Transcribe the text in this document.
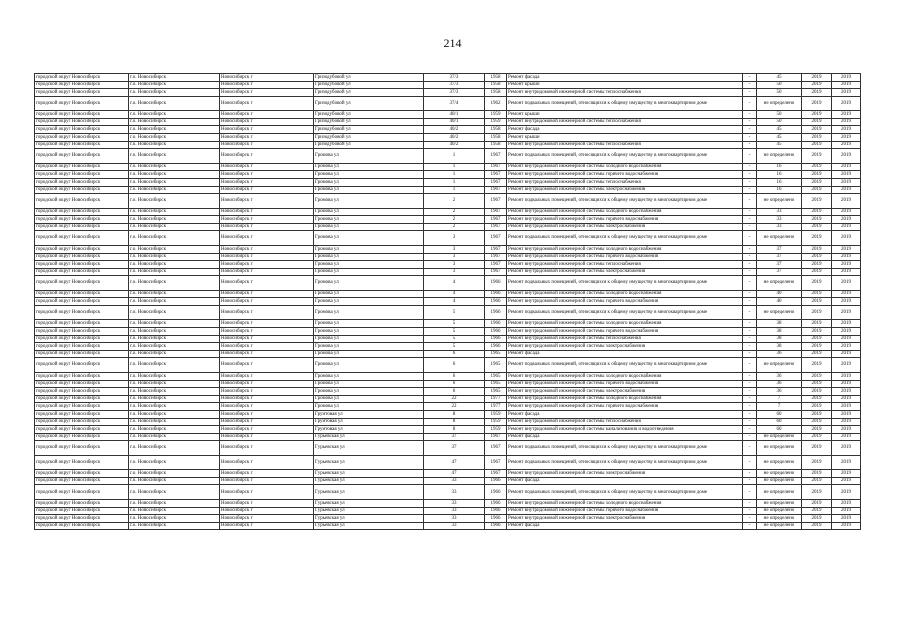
214
городской округ Новосибирск	г.о. Новосибирск	Новосибирск г	Гризодубовой ул	37/3	1958	Ремонт фасада	-	45	2019	2019
городской округ Новосибирск	г.о. Новосибирск	Новосибирск г	Гризодубовой ул	37/3	1958	Ремонт крыши	-	50	2019	2019
городской округ Новосибирск	г.о. Новосибирск	Новосибирск г	Гризодубовой ул	37/3	1958	Ремонт внутридомовой инженерной системы теплоснабжения	-	50	2019	2019
городской округ Новосибирск	г.о. Новосибирск	Новосибирск г	Гризодубовой ул	37/4	1962	Ремонт подвальных помещений, относящихся к общему имуществу в многоквартирном доме	-	не определено	2019	2019
городской округ Новосибирск	г.о. Новосибирск	Новосибирск г	Гризодубовой ул	40/1	1959	Ремонт крыши	-	50	2019	2019
городской округ Новосибирск	г.о. Новосибирск	Новосибирск г	Гризодубовой ул	40/1	1959	Ремонт внутридомовой инженерной системы теплоснабжения	-	50	2019	2019
городской округ Новосибирск	г.о. Новосибирск	Новосибирск г	Гризодубовой ул	40/2	1958	Ремонт фасада	-	45	2019	2019
городской округ Новосибирск	г.о. Новосибирск	Новосибирск г	Гризодубовой ул	40/2	1958	Ремонт крыши	-	45	2019	2019
городской округ Новосибирск	г.о. Новосибирск	Новосибирск г	Гризодубовой ул	40/2	1958	Ремонт внутридомовой инженерной системы теплоснабжения	-	45	2019	2019
городской округ Новосибирск	г.о. Новосибирск	Новосибирск г	Громова ул	1	1967	Ремонт подвальных помещений, относящихся к общему имуществу в многоквартирном доме	-	не определено	2019	2019
городской округ Новосибирск	г.о. Новосибирск	Новосибирск г	Громова ул	1	1967	Ремонт внутридомовой инженерной системы холодного водоснабжения	-	16	2019	2019
городской округ Новосибирск	г.о. Новосибирск	Новосибирск г	Громова ул	1	1967	Ремонт внутридомовой инженерной системы горячего водоснабжения	-	16	2019	2019
городской округ Новосибирск	г.о. Новосибирск	Новосибирск г	Громова ул	1	1967	Ремонт внутридомовой инженерной системы теплоснабжения	-	16	2019	2019
городской округ Новосибирск	г.о. Новосибирск	Новосибирск г	Громова ул	1	1967	Ремонт внутридомовой инженерной системы электроснабжения	-	16	2019	2019
городской округ Новосибирск	г.о. Новосибирск	Новосибирск г	Громова ул	2	1967	Ремонт подвальных помещений, относящихся к общему имуществу в многоквартирном доме	-	не определено	2019	2019
городской округ Новосибирск	г.о. Новосибирск	Новосибирск г	Громова ул	2	1967	Ремонт внутридомовой инженерной системы холодного водоснабжения	-	33	2019	2019
городской округ Новосибирск	г.о. Новосибирск	Новосибирск г	Громова ул	2	1967	Ремонт внутридомовой инженерной системы горячего водоснабжения	-	33	2019	2019
городской округ Новосибирск	г.о. Новосибирск	Новосибирск г	Громова ул	2	1967	Ремонт внутридомовой инженерной системы электроснабжения	-	33	2019	2019
городской округ Новосибирск	г.о. Новосибирск	Новосибирск г	Громова ул	3	1967	Ремонт подвальных помещений, относящихся к общему имуществу в многоквартирном доме	-	не определено	2019	2019
городской округ Новосибирск	г.о. Новосибирск	Новосибирск г	Громова ул	3	1967	Ремонт внутридомовой инженерной системы холодного водоснабжения	-	37	2019	2019
городской округ Новосибирск	г.о. Новосибирск	Новосибирск г	Громова ул	3	1967	Ремонт внутридомовой инженерной системы горячего водоснабжения	-	37	2019	2019
городской округ Новосибирск	г.о. Новосибирск	Новосибирск г	Громова ул	3	1967	Ремонт внутридомовой инженерной системы теплоснабжения	-	37	2019	2019
городской округ Новосибирск	г.о. Новосибирск	Новосибирск г	Громова ул	3	1967	Ремонт внутридомовой инженерной системы электроснабжения	-	37	2019	2019
городской округ Новосибирск	г.о. Новосибирск	Новосибирск г	Громова ул	4	1966	Ремонт подвальных помещений, относящихся к общему имуществу в многоквартирном доме	-	не определено	2019	2019
городской округ Новосибирск	г.о. Новосибирск	Новосибирск г	Громова ул	4	1966	Ремонт внутридомовой инженерной системы холодного водоснабжения	-	40	2019	2019
городской округ Новосибирск	г.о. Новосибирск	Новосибирск г	Громова ул	4	1966	Ремонт внутридомовой инженерной системы горячего водоснабжения	-	40	2019	2019
городской округ Новосибирск	г.о. Новосибирск	Новосибирск г	Громова ул	5	1966	Ремонт подвальных помещений, относящихся к общему имуществу в многоквартирном доме	-	не определено	2019	2019
городской округ Новосибирск	г.о. Новосибирск	Новосибирск г	Громова ул	5	1966	Ремонт внутридомовой инженерной системы холодного водоснабжения	-	38	2019	2019
городской округ Новосибирск	г.о. Новосибирск	Новосибирск г	Громова ул	5	1966	Ремонт внутридомовой инженерной системы горячего водоснабжения	-	38	2019	2019
городской округ Новосибирск	г.о. Новосибирск	Новосибирск г	Громова ул	5	1966	Ремонт внутридомовой инженерной системы теплоснабжения	-	38	2019	2019
городской округ Новосибирск	г.о. Новосибирск	Новосибирск г	Громова ул	5	1966	Ремонт внутридомовой инженерной системы электроснабжения	-	38	2019	2019
городской округ Новосибирск	г.о. Новосибирск	Новосибирск г	Громова ул	6	1965	Ремонт фасада	-	36	2019	2019
городской округ Новосибирск	г.о. Новосибирск	Новосибирск г	Громова ул	6	1965	Ремонт подвальных помещений, относящихся к общему имуществу в многоквартирном доме	-	не определено	2019	2019
городской округ Новосибирск	г.о. Новосибирск	Новосибирск г	Громова ул	6	1965	Ремонт внутридомовой инженерной системы холодного водоснабжения	-	36	2019	2019
городской округ Новосибирск	г.о. Новосибирск	Новосибирск г	Громова ул	6	1965	Ремонт внутридомовой инженерной системы горячего водоснабжения	-	36	2019	2019
городской округ Новосибирск	г.о. Новосибирск	Новосибирск г	Громова ул	6	1965	Ремонт внутридомовой инженерной системы электроснабжения	-	36	2019	2019
городской округ Новосибирск	г.о. Новосибирск	Новосибирск г	Громова ул	22	1977	Ремонт внутридомовой инженерной системы холодного водоснабжения	-	7	2019	2019
городской округ Новосибирск	г.о. Новосибирск	Новосибирск г	Громова ул	22	1977	Ремонт внутридомовой инженерной системы горячего водоснабжения	-	7	2019	2019
городской округ Новосибирск	г.о. Новосибирск	Новосибирск г	Грунтовая ул	8	1959	Ремонт фасада	-	60	2019	2019
городской округ Новосибирск	г.о. Новосибирск	Новосибирск г	Грунтовая ул	8	1959	Ремонт внутридомовой инженерной системы теплоснабжения	-	60	2019	2019
городской округ Новосибирск	г.о. Новосибирск	Новосибирск г	Грунтовая ул	8	1959	Ремонт внутридомовой инженерной системы канализования и водоотведения	-	60	2019	2019
городской округ Новосибирск	г.о. Новосибирск	Новосибирск г	Гурьевская ул	37	1967	Ремонт фасада	-	не определено	2019	2019
городской округ Новосибирск	г.о. Новосибирск	Новосибирск г	Гурьевская ул	37	1967	Ремонт подвальных помещений, относящихся к общему имуществу в многоквартирном доме	-	не определено	2019	2019
городской округ Новосибирск	г.о. Новосибирск	Новосибирск г	Гурьевская ул	47	1967	Ремонт подвальных помещений, относящихся к общему имуществу в многоквартирном доме	-	не определено	2019	2019
городской округ Новосибирск	г.о. Новосибирск	Новосибирск г	Гурьевская ул	47	1967	Ремонт внутридомовой инженерной системы электроснабжения	-	не определено	2019	2019
городской округ Новосибирск	г.о. Новосибирск	Новосибирск г	Гурьевская ул	33	1966	Ремонт фасада	-	не определено	2019	2019
городской округ Новосибирск	г.о. Новосибирск	Новосибирск г	Гурьевская ул	33	1966	Ремонт подвальных помещений, относящихся к общему имуществу в многоквартирном доме	-	не определено	2019	2019
городской округ Новосибирск	г.о. Новосибирск	Новосибирск г	Гурьевская ул	33	1966	Ремонт внутридомовой инженерной системы холодного водоснабжения	-	не определено	2019	2019
городской округ Новосибирск	г.о. Новосибирск	Новосибирск г	Гурьевская ул	33	1966	Ремонт внутридомовой инженерной системы горячего водоснабжения	-	не определено	2019	2019
городской округ Новосибирск	г.о. Новосибирск	Новосибирск г	Гурьевская ул	33	1966	Ремонт внутридомовой инженерной системы электроснабжения	-	не определено	2019	2019
городской округ Новосибирск	г.о. Новосибирск	Новосибирск г	Гурьевская ул	33	1966	Ремонт фасада	-	не определено	2019	2019
